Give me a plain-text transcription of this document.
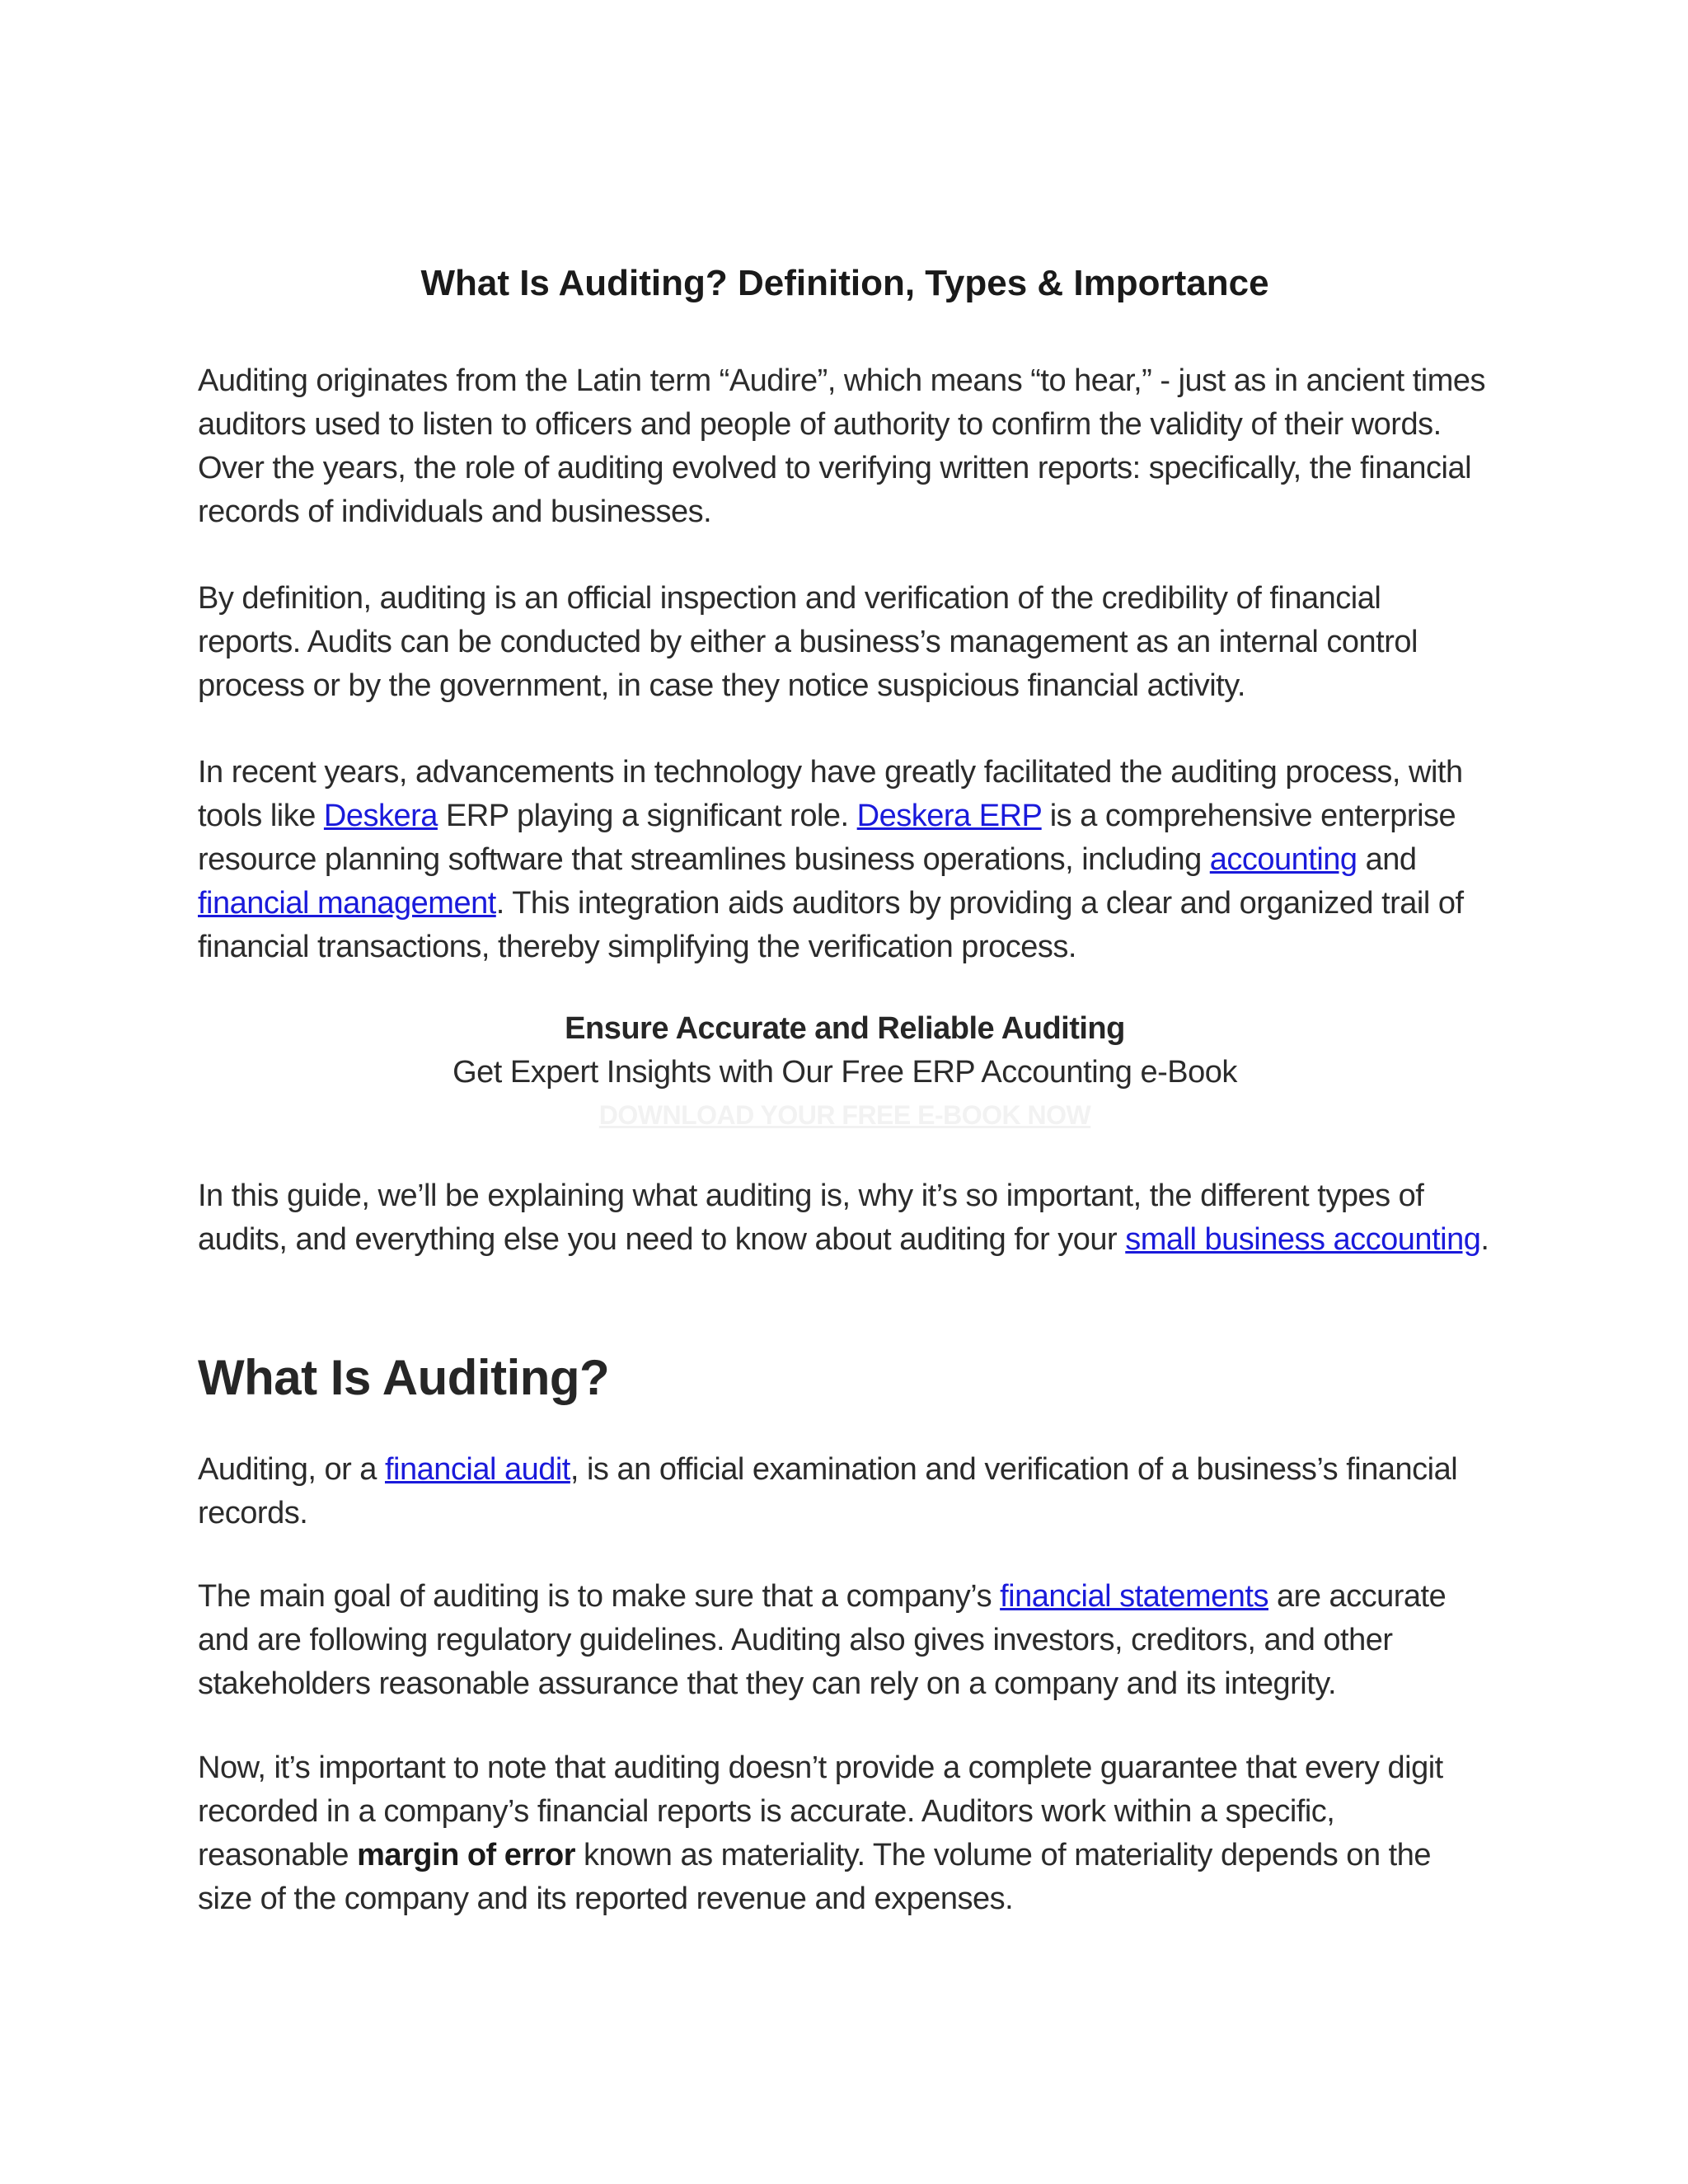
What Is Auditing? Definition, Types & Importance

Auditing originates from the Latin term “Audire”, which means “to hear,” - just as in ancient times auditors used to listen to officers and people of authority to confirm the validity of their words. Over the years, the role of auditing evolved to verifying written reports: specifically, the financial records of individuals and businesses.

By definition, auditing is an official inspection and verification of the credibility of financial reports. Audits can be conducted by either a business’s management as an internal control process or by the government, in case they notice suspicious financial activity.

In recent years, advancements in technology have greatly facilitated the auditing process, with tools like Deskera ERP playing a significant role. Deskera ERP is a comprehensive enterprise resource planning software that streamlines business operations, including accounting and financial management. This integration aids auditors by providing a clear and organized trail of financial transactions, thereby simplifying the verification process.

Ensure Accurate and Reliable Auditing
Get Expert Insights with Our Free ERP Accounting e-Book
DOWNLOAD YOUR FREE E-BOOK NOW

In this guide, we’ll be explaining what auditing is, why it’s so important, the different types of audits, and everything else you need to know about auditing for your small business accounting.

What Is Auditing?

Auditing, or a financial audit, is an official examination and verification of a business’s financial records.

The main goal of auditing is to make sure that a company’s financial statements are accurate and are following regulatory guidelines. Auditing also gives investors, creditors, and other stakeholders reasonable assurance that they can rely on a company and its integrity.

Now, it’s important to note that auditing doesn’t provide a complete guarantee that every digit recorded in a company’s financial reports is accurate. Auditors work within a specific, reasonable margin of error known as materiality. The volume of materiality depends on the size of the company and its reported revenue and expenses.
